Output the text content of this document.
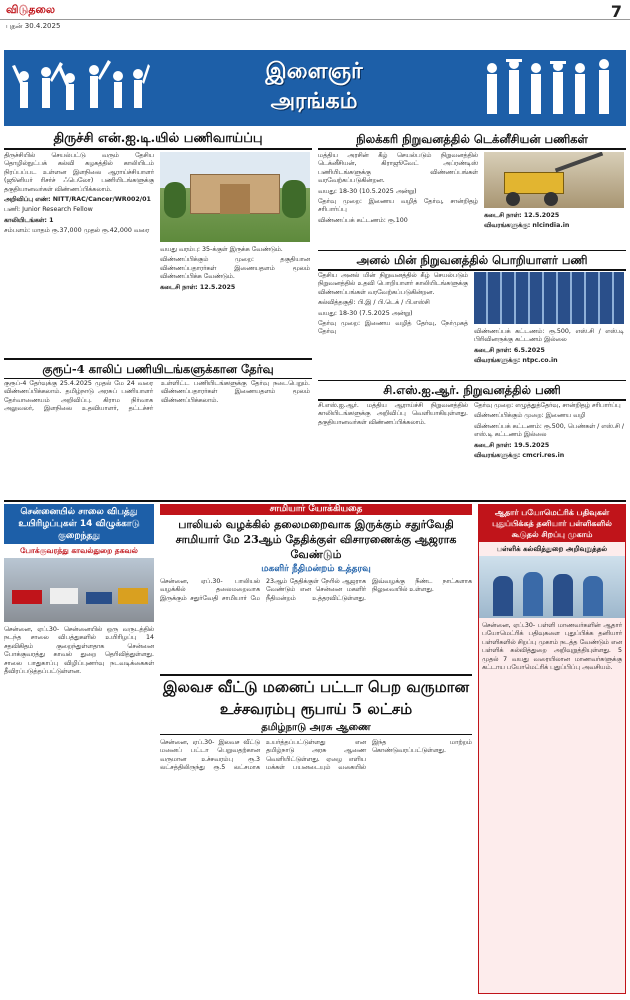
விடுதலை	7
புதன் 30.4.2025
இளைஞர்
அரங்கம்
திருச்சி என்.ஐ.டி.யில் பணிவாய்ப்பு

திருச்சியில் செயல்பட்டு வரும் தேசிய தொழில்நுட்பக் கல்வி கழகத்தில் காலியிடம் நிரப்பப்பட உள்ளன இளநிலை ஆராய்ச்சியாளர் (ஜூனியர் ரிசர்ச் ஃபெலோ) பணியிடங்களுக்கு தகுதியானவர்கள் விண்ணப்பிக்கலாம்.

அறிவிப்பு எண்: NITT/RAC/Cancer/WR002/01

பணி: Junior Research Fellow

காலியிடங்கள்: 1

சம்பளம்: மாதம் ரூ.37,000 முதல் ரூ.42,000 வரை

வயது வரம்பு: 35-க்குள் இருக்க வேண்டும்.

விண்ணப்பிக்கும் முறை: தகுதியான விண்ணப்பதாரர்கள் இணையதளம் மூலம் விண்ணப்பிக்க வேண்டும்.

கடைசி நாள்: 12.5.2025

நிலக்கரி நிறுவனத்தில் டெக்னீசியன் பணிகள்

மத்திய அரசின் கீழ் செயல்படும் நிறுவனத்தில் டெக்னீசியன், கிராஜூவேட் அப்ரண்டிஸ் பணியிடங்களுக்கு விண்ணப்பங்கள் வரவேற்கப்படுகின்றன.

வயது: 18-30 (10.5.2025 அன்று)

தேர்வு முறை: இணைய வழித் தேர்வு, சான்றிதழ் சரிபார்ப்பு

விண்ணப்பக் கட்டணம்: ரூ.100

கடைசி நாள்: 12.5.2025

விவரங்களுக்கு: nlcindia.in

அனல் மின் நிறுவனத்தில் பொறியாளர் பணி

தேசிய அனல் மின் நிறுவனத்தில் கீழ் செயல்படும் நிறுவனத்தில் உதவி பொறியாளர் காலியிடங்களுக்கு விண்ணப்பங்கள் வரவேற்கப்படுகின்றன.

கல்வித்தகுதி: பி.இ / பி.டெக் / பி.எஸ்சி

வயது: 18-30 (7.5.2025 அன்று)

தேர்வு முறை: இணைய வழித் தேர்வு, நேர்முகத் தேர்வு	விண்ணப்பக் கட்டணம்: ரூ.500, எஸ்.சி / எஸ்.டி பிரிவினருக்கு கட்டணம் இல்லை

கடைசி நாள்: 6.5.2025

விவரங்களுக்கு: ntpc.co.in

குரூப்-4 காலிப் பணியிடங்களுக்கான தேர்வு

குரூப்-4 தேர்வுக்கு 25.4.2025 முதல் மே 24 வரை விண்ணப்பிக்கலாம். தமிழ்நாடு அரசுப் பணியாளர் தேர்வாணையம் அறிவிப்பு. கிராம நிர்வாக அலுவலர், இளநிலை உதவியாளர், தட்டச்சர் உள்ளிட்ட பணியிடங்களுக்கு தேர்வு நடைபெறும். விண்ணப்பதாரர்கள் இணையதளம் மூலம் விண்ணப்பிக்கலாம்.

சி.எஸ்.ஐ.ஆர். நிறுவனத்தில் பணி

சி.எஸ்.ஐ.ஆர். மத்திய ஆராய்ச்சி நிறுவனத்தில் காலியிடங்களுக்கு அறிவிப்பு வெளியாகியுள்ளது. தகுதியானவர்கள் விண்ணப்பிக்கலாம்.

தேர்வு முறை: எழுத்துத்தேர்வு, சான்றிதழ் சரிபார்ப்பு

விண்ணப்பிக்கும் முறை: இணைய வழி

விண்ணப்பக் கட்டணம்: ரூ.500, பெண்கள் / எஸ்.சி / எஸ்.டி கட்டணம் இல்லை

கடைசி நாள்: 19.5.2025

விவரங்களுக்கு: cmcri.res.in

சென்னையில் சாலை விபத்து உயிரிழப்புகள் 14 விழுக்காடு குறைந்தது
போக்குவரத்து காவல்துறை தகவல்
சென்னை, ஏப்.30- சென்னையில் ஒரு வருடத்தில் நடந்த சாலை விபத்துகளில் உயிரிழப்பு 14 சதவிகிதம் குறைந்துள்ளதாக சென்னை போக்குவரத்து காவல் துறை தெரிவித்துள்ளது. சாலை பாதுகாப்பு விழிப்புணர்வு நடவடிக்கைகள் தீவிரப்படுத்தப்பட்டுள்ளன.
சாமியார் யோக்கியதை
பாலியல் வழக்கில் தலைமறைவாக இருக்கும் சதுர்வேதி சாமியார் மே 23ஆம் தேதிக்குள் விசாரணைக்கு ஆஜராக வேண்டும்
மகளிர் நீதிமன்றம் உத்தரவு
சென்னை, ஏப்.30- பாலியல் வழக்கில் தலைமறைவாக இருக்கும் சதுர்வேதி சாமியார் மே 23ஆம் தேதிக்குள் நேரில் ஆஜராக வேண்டும் என சென்னை மகளிர் நீதிமன்றம் உத்தரவிட்டுள்ளது. இவ்வழக்கு நீண்ட நாட்களாக நிலுவையில் உள்ளது.
ஆதார் பயோமெட்ரிக் பதிவுகள் புதுப்பிக்கத் தனியார் பள்ளிகளில் கூடுதல் சிறப்பு முகாம்
பள்ளிக் கல்வித்துறை அறிவுறுத்தல்
சென்னை, ஏப்.30- பள்ளி மாணவர்களின் ஆதார் பயோமெட்ரிக் பதிவுகளை புதுப்பிக்க தனியார் பள்ளிகளில் சிறப்பு முகாம் நடத்த வேண்டும் என பள்ளிக் கல்வித்துறை அறிவுறுத்தியுள்ளது. 5 முதல் 7 வயது வரையிலான மாணவர்களுக்கு கட்டாய பயோமெட்ரிக் புதுப்பிப்பு அவசியம்.
இலவச வீட்டு மனைப் பட்டா பெற வருமான உச்சவரம்பு ரூபாய் 5 லட்சம்
தமிழ்நாடு அரசு ஆணை
சென்னை, ஏப்.30- இலவச வீட்டு மனைப் பட்டா பெறுவதற்கான வருமான உச்சவரம்பு ரூ.3 லட்சத்திலிருந்து ரூ.5 லட்சமாக உயர்த்தப்பட்டுள்ளது என தமிழ்நாடு அரசு ஆணை வெளியிட்டுள்ளது. ஏழை எளிய மக்கள் பயனடையும் வகையில் இந்த மாற்றம் கொண்டுவரப்பட்டுள்ளது.
